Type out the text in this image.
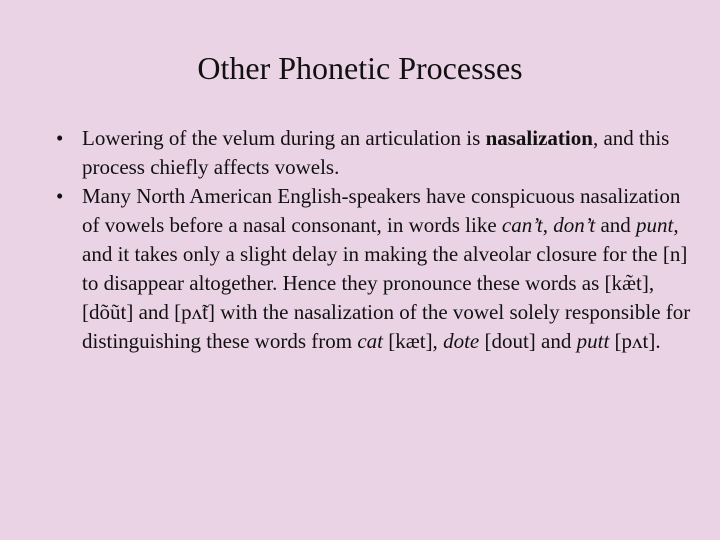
Other Phonetic Processes
• Lowering of the velum during an articulation is nasalization, and this process chiefly affects vowels.
• Many North American English-speakers have conspicuous nasalization of vowels before a nasal consonant, in words like can’t, don’t and punt, and it takes only a slight delay in making the alveolar closure for the [n] to disappear altogether. Hence they pronounce these words as [kæ̃t], [dõũt] and [pʌ̃t] with the nasalization of the vowel solely responsible for distinguishing these words from cat [kæt], dote [dout] and putt [pʌt].
